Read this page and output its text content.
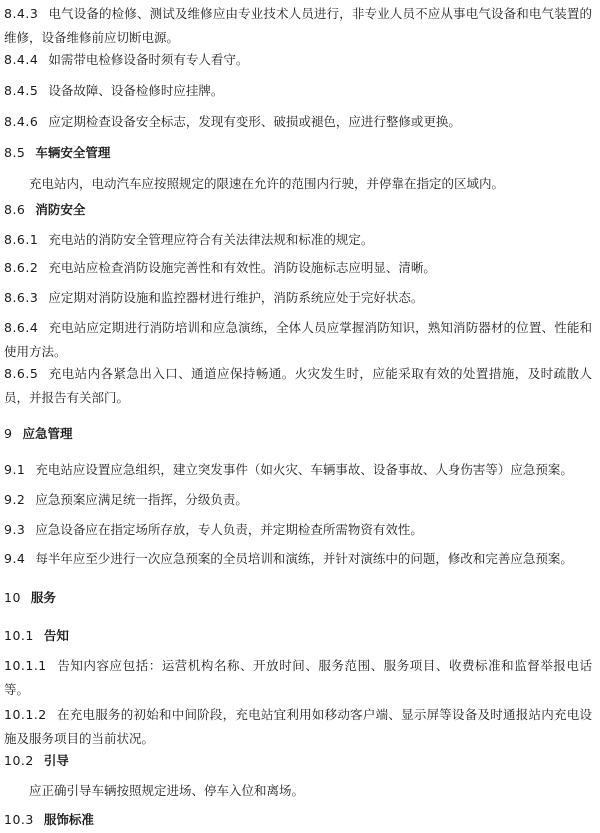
8.4.3 电气设备的检修、测试及维修应由专业技术人员进行，非专业人员不应从事电气设备和电气装置的维修，设备维修前应切断电源。
8.4.4 如需带电检修设备时须有专人看守。
8.4.5 设备故障、设备检修时应挂牌。
8.4.6 应定期检查设备安全标志，发现有变形、破损或褪色，应进行整修或更换。
8.5 车辆安全管理
充电站内，电动汽车应按照规定的限速在允许的范围内行驶，并停靠在指定的区域内。
8.6 消防安全
8.6.1 充电站的消防安全管理应符合有关法律法规和标准的规定。
8.6.2 充电站应检查消防设施完善性和有效性。消防设施标志应明显、清晰。
8.6.3 应定期对消防设施和监控器材进行维护，消防系统应处于完好状态。
8.6.4 充电站应定期进行消防培训和应急演练，全体人员应掌握消防知识，熟知消防器材的位置、性能和使用方法。
8.6.5 充电站内各紧急出入口、通道应保持畅通。火灾发生时，应能采取有效的处置措施，及时疏散人员，并报告有关部门。
9 应急管理
9.1 充电站应设置应急组织，建立突发事件（如火灾、车辆事故、设备事故、人身伤害等）应急预案。
9.2 应急预案应满足统一指挥，分级负责。
9.3 应急设备应在指定场所存放，专人负责，并定期检查所需物资有效性。
9.4 每半年应至少进行一次应急预案的全员培训和演练，并针对演练中的问题，修改和完善应急预案。
10 服务
10.1 告知
10.1.1 告知内容应包括：运营机构名称、开放时间、服务范围、服务项目、收费标准和监督举报电话等。
10.1.2 在充电服务的初始和中间阶段，充电站宜利用如移动客户端、显示屏等设备及时通报站内充电设施及服务项目的当前状况。
10.2 引导
应正确引导车辆按照规定进场、停车入位和离场。
10.3 服饰标准
